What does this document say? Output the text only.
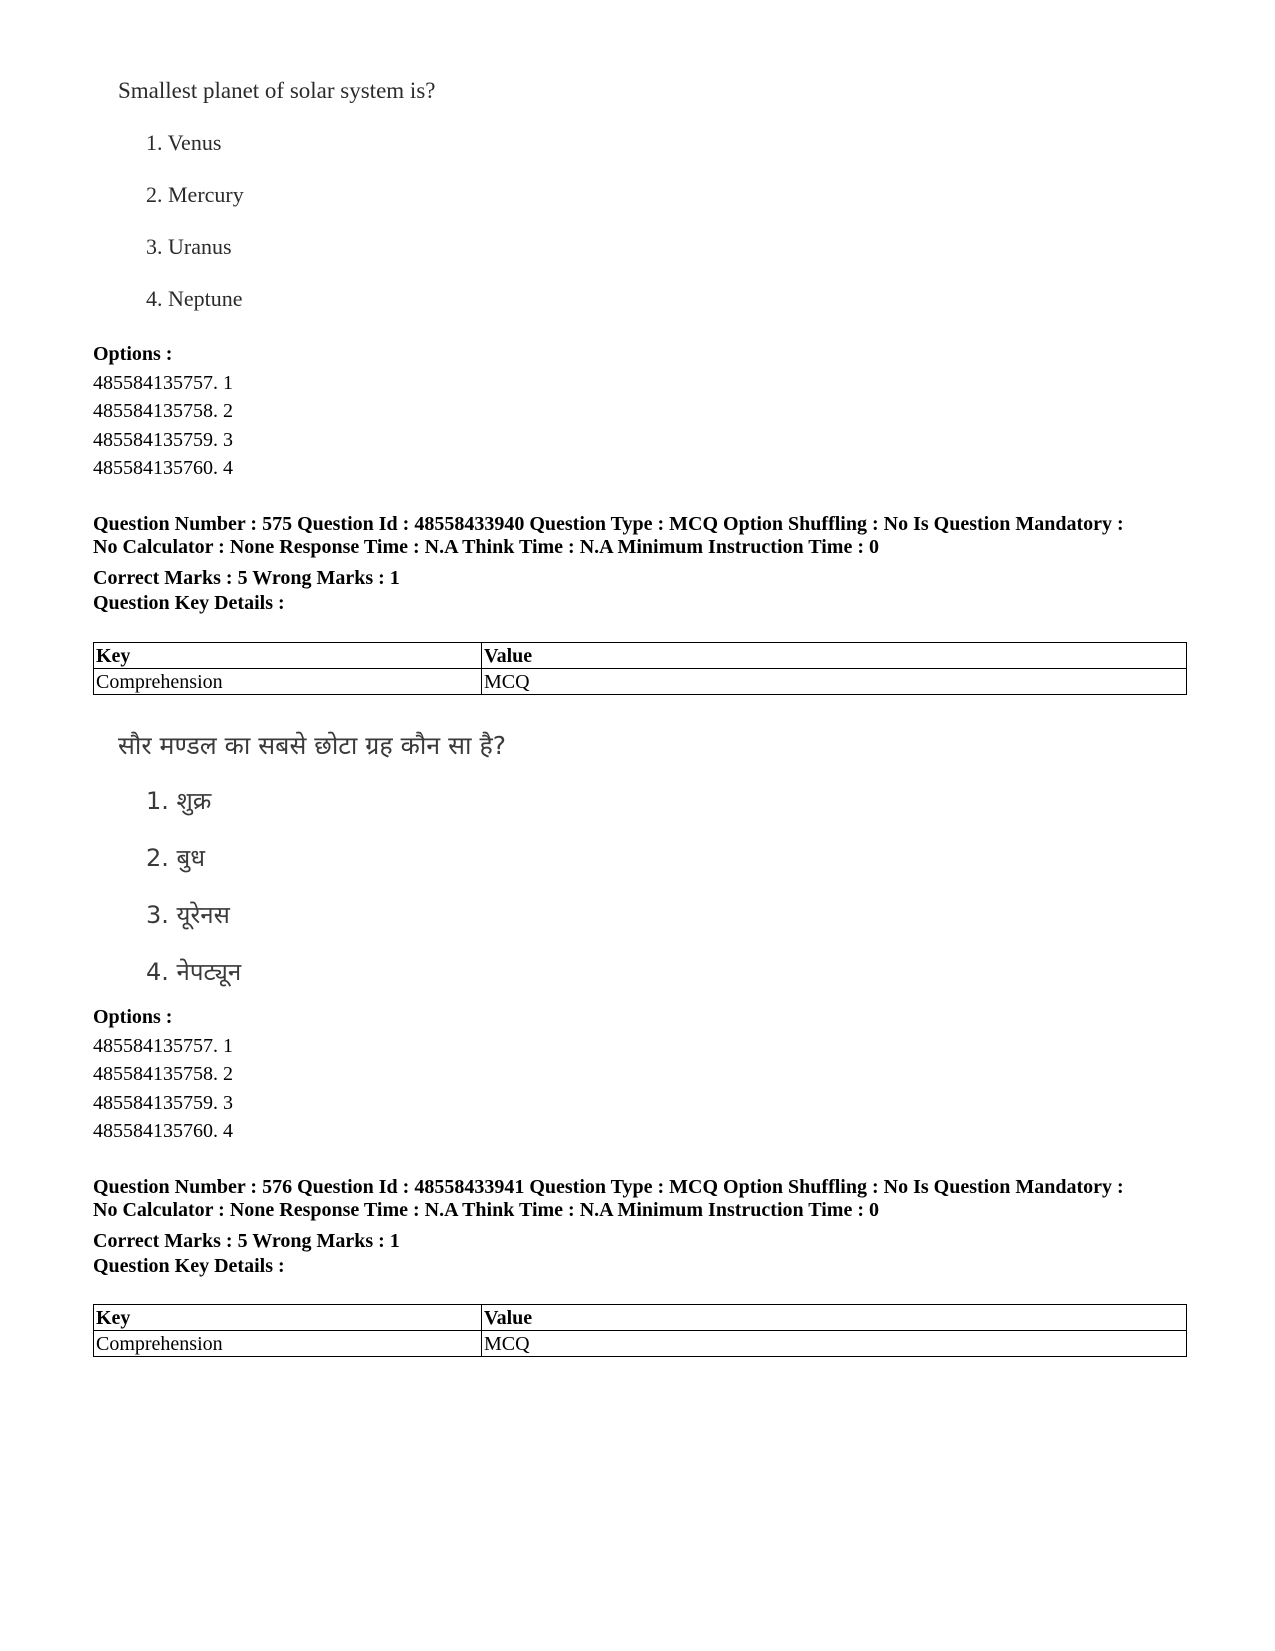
Smallest planet of solar system is?

1. Venus
2. Mercury
3. Uranus
4. Neptune
Options :
485584135757. 1
485584135758. 2
485584135759. 3
485584135760. 4
Question Number : 575 Question Id : 48558433940 Question Type : MCQ Option Shuffling : No Is Question Mandatory :
No Calculator : None Response Time : N.A Think Time : N.A Minimum Instruction Time : 0
Correct Marks : 5 Wrong Marks : 1
Question Key Details :
Key	Value
Comprehension	MCQ

सौर मण्डल का सबसे छोटा ग्रह कौन सा है?

1. शुक्र
2. बुध
3. यूरेनस
4. नेपट्यून
Options :
485584135757. 1
485584135758. 2
485584135759. 3
485584135760. 4
Question Number : 576 Question Id : 48558433941 Question Type : MCQ Option Shuffling : No Is Question Mandatory :
No Calculator : None Response Time : N.A Think Time : N.A Minimum Instruction Time : 0
Correct Marks : 5 Wrong Marks : 1
Question Key Details :
Key	Value
Comprehension	MCQ
